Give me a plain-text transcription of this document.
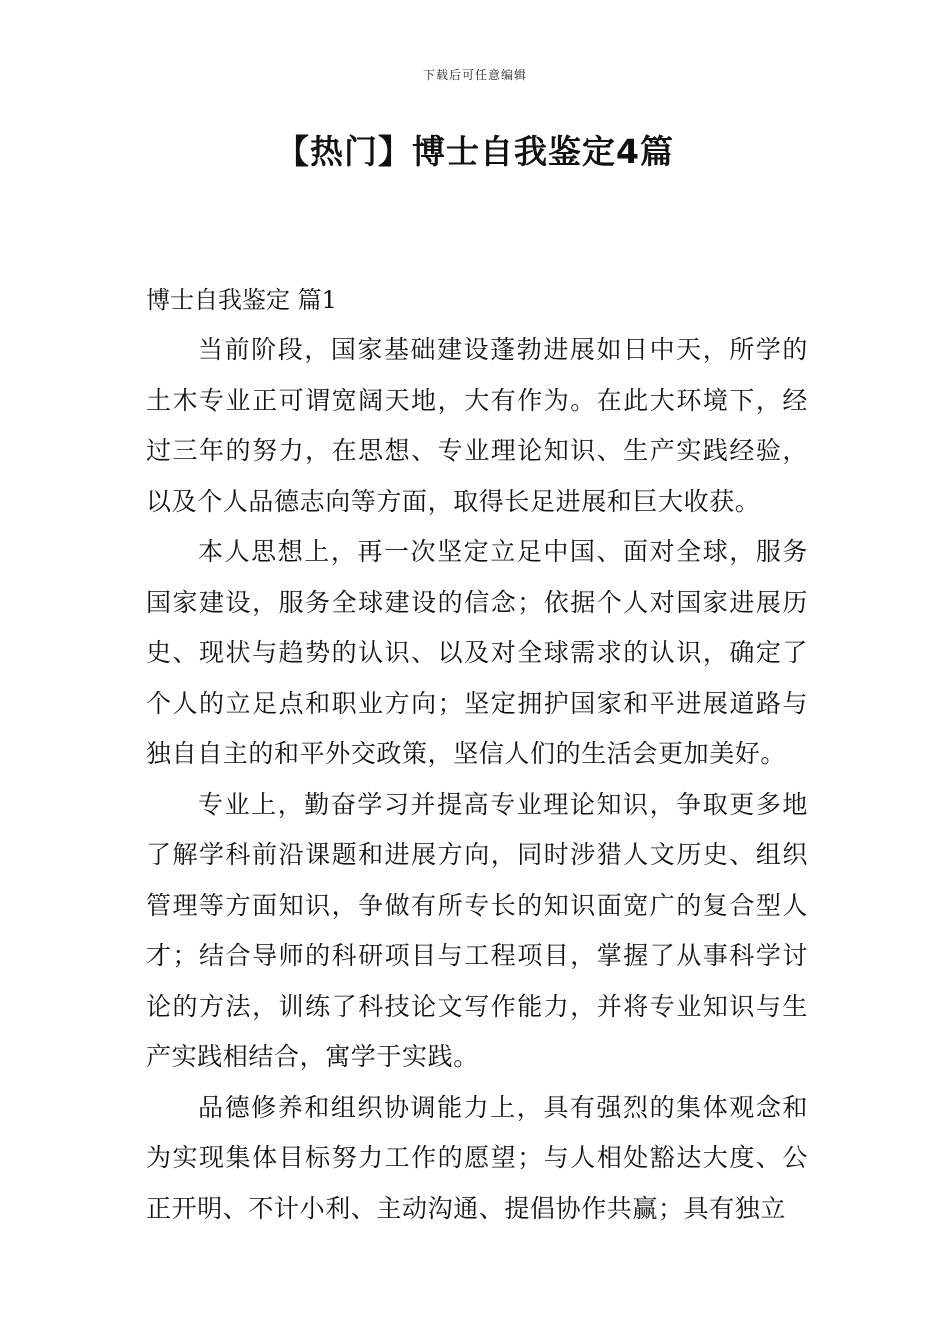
下载后可任意编辑
【热门】博士自我鉴定4篇
博士自我鉴定 篇1

当前阶段，国家基础建设蓬勃进展如日中天，所学的土木专业正可谓宽阔天地，大有作为。在此大环境下，经过三年的努力，在思想、专业理论知识、生产实践经验，以及个人品德志向等方面，取得长足进展和巨大收获。

本人思想上，再一次坚定立足中国、面对全球，服务国家建设，服务全球建设的信念；依据个人对国家进展历史、现状与趋势的认识、以及对全球需求的认识，确定了个人的立足点和职业方向；坚定拥护国家和平进展道路与独自自主的和平外交政策，坚信人们的生活会更加美好。

专业上，勤奋学习并提高专业理论知识，争取更多地了解学科前沿课题和进展方向，同时涉猎人文历史、组织管理等方面知识，争做有所专长的知识面宽广的复合型人才；结合导师的科研项目与工程项目，掌握了从事科学讨论的方法，训练了科技论文写作能力，并将专业知识与生产实践相结合，寓学于实践。

品德修养和组织协调能力上，具有强烈的集体观念和为实现集体目标努力工作的愿望；与人相处豁达大度、公正开明、不计小利、主动沟通、提倡协作共赢；具有独立
